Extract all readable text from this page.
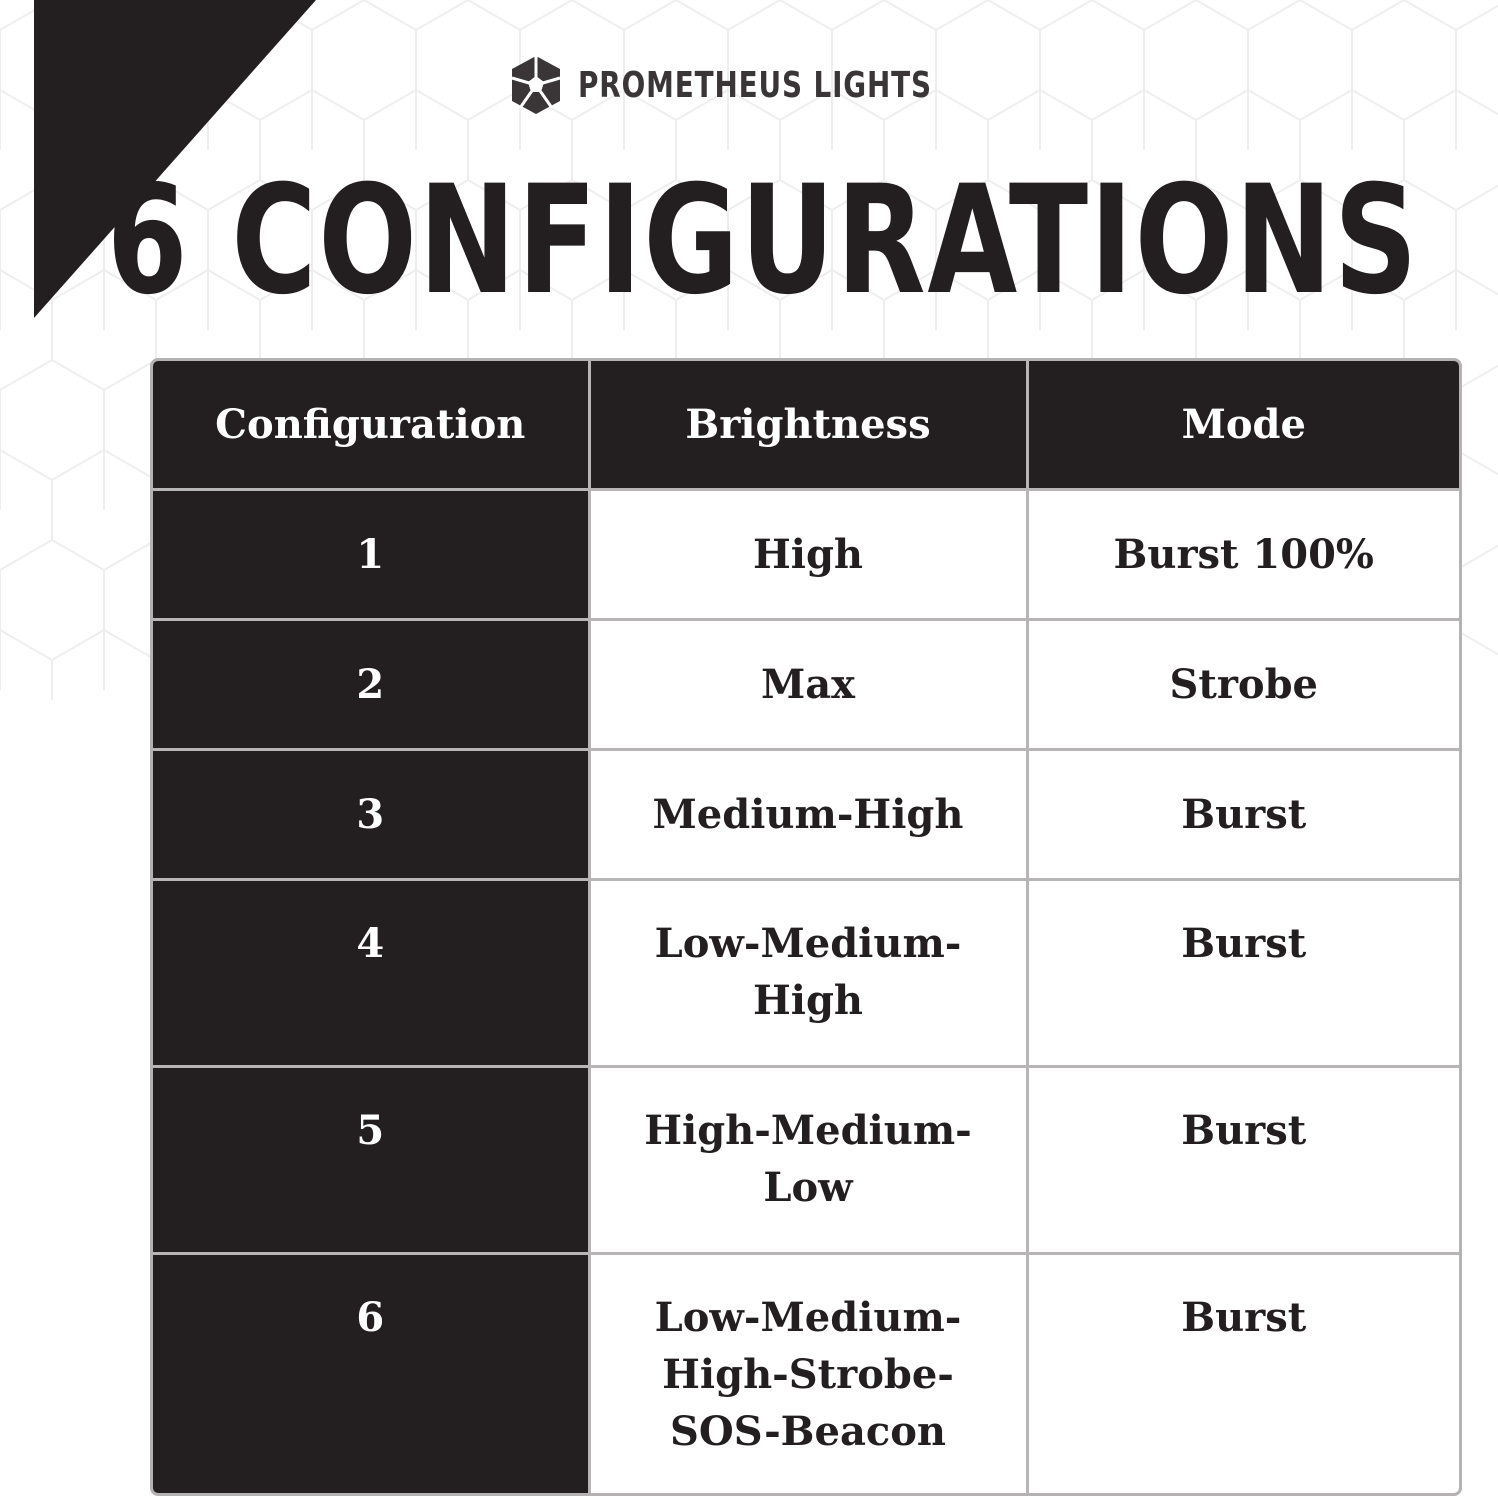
PROMETHEUS LIGHTS
6 CONFIGURATIONS
Configuration	Brightness	Mode
1	High	Burst 100%
2	Max	Strobe
3	Medium-High	Burst
4	Low-Medium-High	Burst
5	High-Medium-Low	Burst
6	Low-Medium-High-Strobe-SOS-Beacon	Burst
